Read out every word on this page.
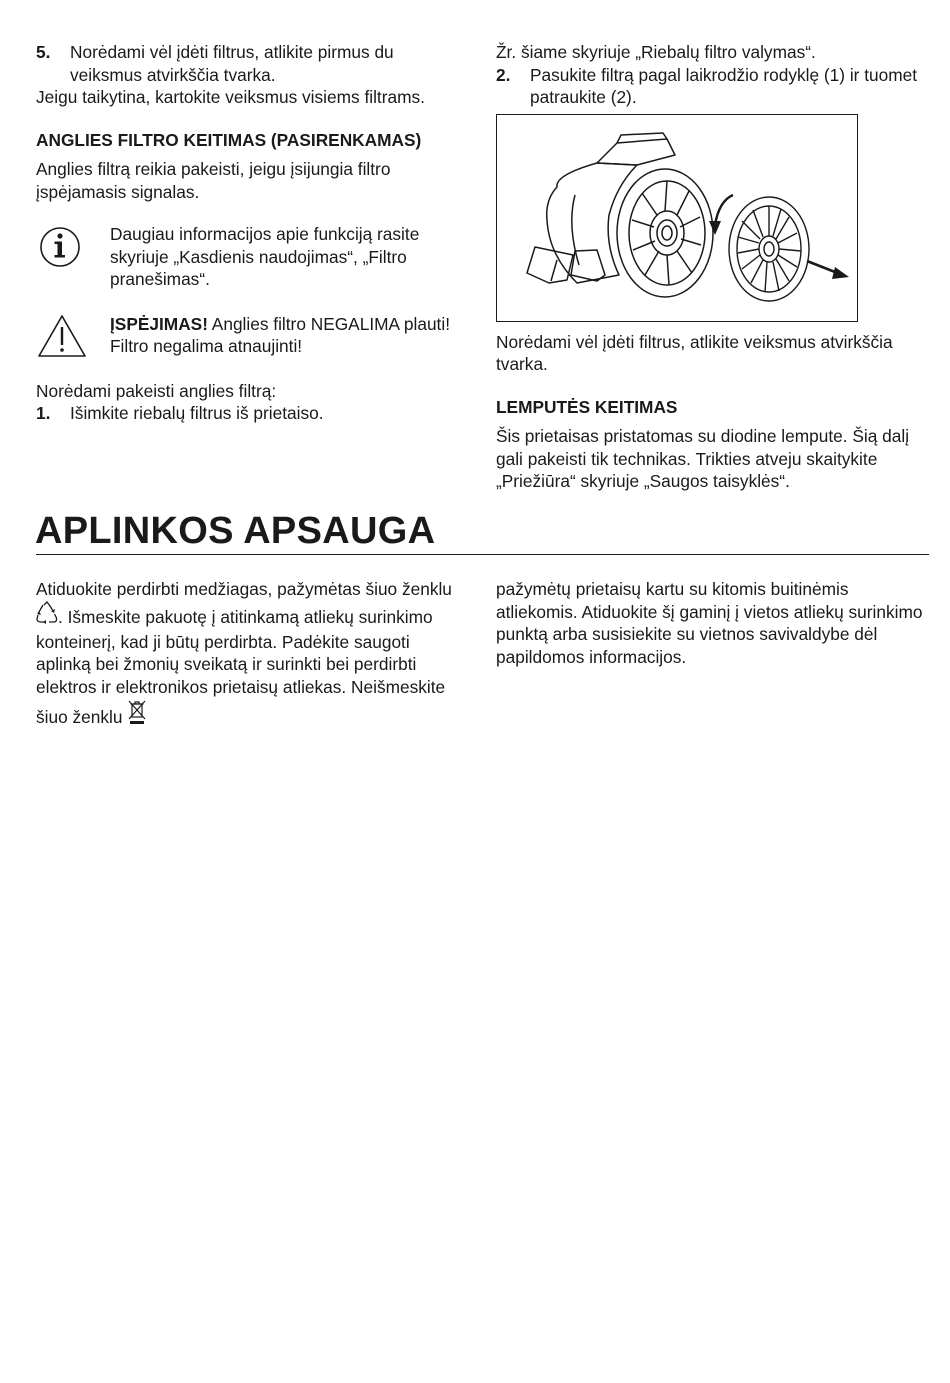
5.	Norėdami vėl įdėti filtrus, atlikite pirmus du veiksmus atvirkščia tvarka.

Jeigu taikytina, kartokite veiksmus visiems filtrams.

ANGLIES FILTRO KEITIMAS (PASIRENKAMAS)

Anglies filtrą reikia pakeisti, jeigu įsijungia filtro įspėjamasis signalas.

Daugiau informacijos apie funkciją rasite skyriuje „Kasdienis naudojimas“, „Filtro pranešimas“.
ĮSPĖJIMAS! Anglies filtro NEGALIMA plauti! Filtro negalima atnaujinti!

Norėdami pakeisti anglies filtrą:

1.	Išimkite riebalų filtrus iš prietaiso.

Žr. šiame skyriuje „Riebalų filtro valymas“.

2.	Pasukite filtrą pagal laikrodžio rodyklę (1) ir tuomet patraukite (2).

Norėdami vėl įdėti filtrus, atlikite veiksmus atvirkščia tvarka.

LEMPUTĖS KEITIMAS

Šis prietaisas pristatomas su diodine lempute. Šią dalį gali pakeisti tik technikas. Trikties atveju skaitykite „Priežiūra“ skyriuje „Saugos taisyklės“.

APLINKOS APSAUGA

Atiduokite perdirbti medžiagas, pažymėtas šiuo ženklu . Išmeskite pakuotę į atitinkamą atliekų surinkimo konteinerį, kad ji būtų perdirbta. Padėkite saugoti aplinką bei žmonių sveikatą ir surinkti bei perdirbti elektros ir elektronikos prietaisų atliekas. Neišmeskite šiuo ženklu

pažymėtų prietaisų kartu su kitomis buitinėmis atliekomis. Atiduokite šį gaminį į vietos atliekų surinkimo punktą arba susisiekite su vietnos savivaldybe dėl papildomos informacijos.
